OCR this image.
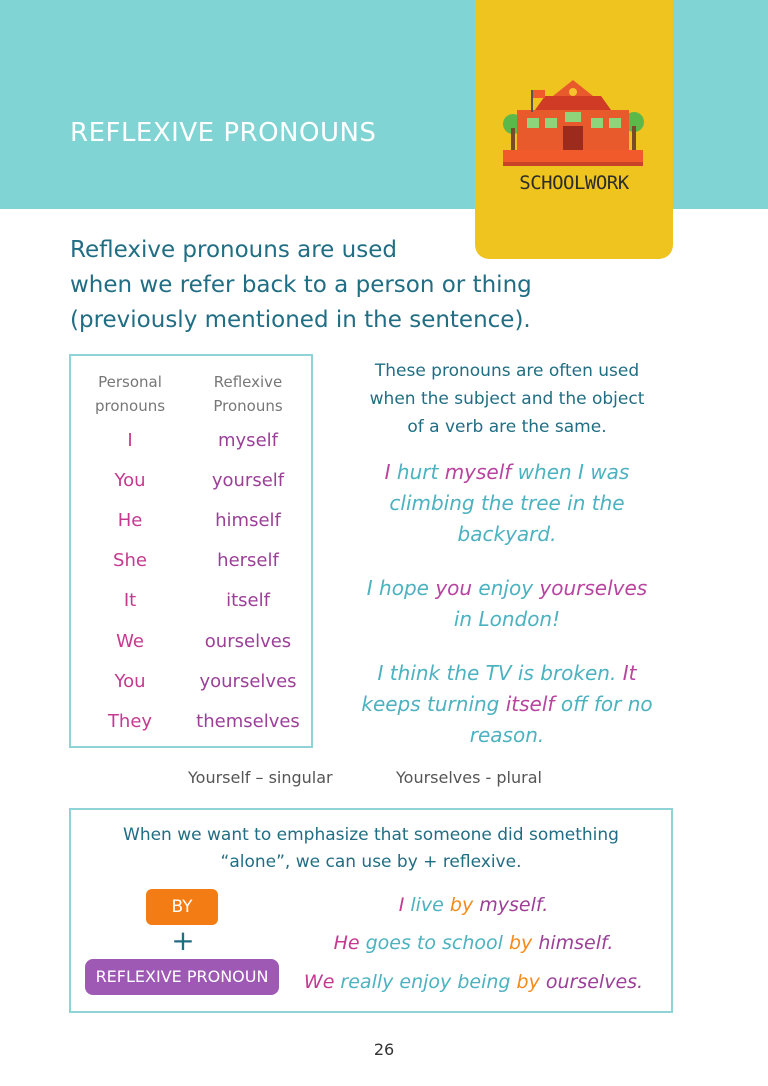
REFLEXIVE PRONOUNS
SCHOOLWORK
Reflexive pronouns are used
when we refer back to a person or thing
(previously mentioned in the sentence).
Personal
pronouns
Reflexive
Pronouns
I	myself
You	yourself
He	himself
She	herself
It	itself
We	ourselves
You	yourselves
They	themselves
These pronouns are often used
when the subject and the object
of a verb are the same.
I hurt myself when I was
climbing the tree in the
backyard.
I hope you enjoy yourselves
in London!
I think the TV is broken. It
keeps turning itself off for no
reason.
Yourself – singular	Yourselves - plural
When we want to emphasize that someone did something
“alone”, we can use by + reflexive.
BY
+
REFLEXIVE PRONOUN
I live by myself.
He goes to school by himself.
We really enjoy being by ourselves.
26
